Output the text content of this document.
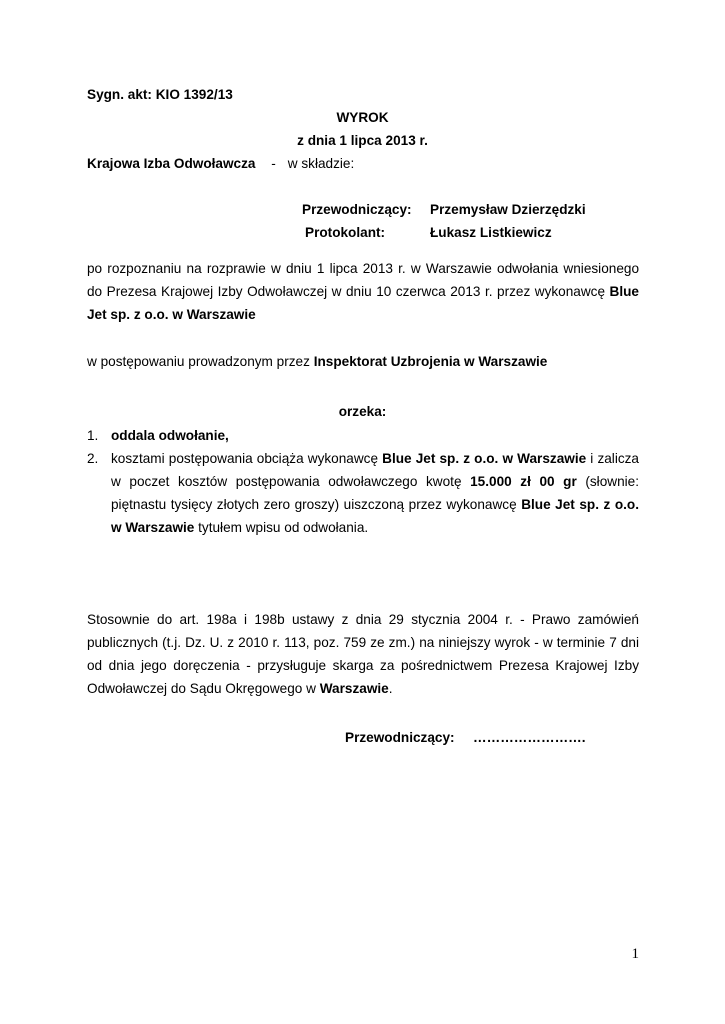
Sygn. akt: KIO 1392/13
WYROK
z dnia 1 lipca 2013 r.
Krajowa Izba Odwoławcza - w składzie:
Przewodniczący: Przemysław Dzierzędzki
Protokolant:	Łukasz Listkiewicz
po rozpoznaniu na rozprawie w dniu 1 lipca 2013 r. w Warszawie odwołania wniesionego do Prezesa Krajowej Izby Odwoławczej w dniu 10 czerwca 2013 r. przez wykonawcę Blue Jet sp. z o.o. w Warszawie
w postępowaniu prowadzonym przez Inspektorat Uzbrojenia w Warszawie
orzeka:
1. oddala odwołanie,
2. kosztami postępowania obciąża wykonawcę Blue Jet sp. z o.o. w Warszawie i zalicza w poczet kosztów postępowania odwoławczego kwotę 15.000 zł 00 gr (słownie: piętnastu tysięcy złotych zero groszy) uiszczoną przez wykonawcę Blue Jet sp. z o.o. w Warszawie tytułem wpisu od odwołania.
Stosownie do art. 198a i 198b ustawy z dnia 29 stycznia 2004 r. - Prawo zamówień publicznych (t.j. Dz. U. z 2010 r. 113, poz. 759 ze zm.) na niniejszy wyrok - w terminie 7 dni od dnia jego doręczenia - przysługuje skarga za pośrednictwem Prezesa Krajowej Izby Odwoławczej do Sądu Okręgowego w Warszawie.
Przewodniczący: …………………….
1
